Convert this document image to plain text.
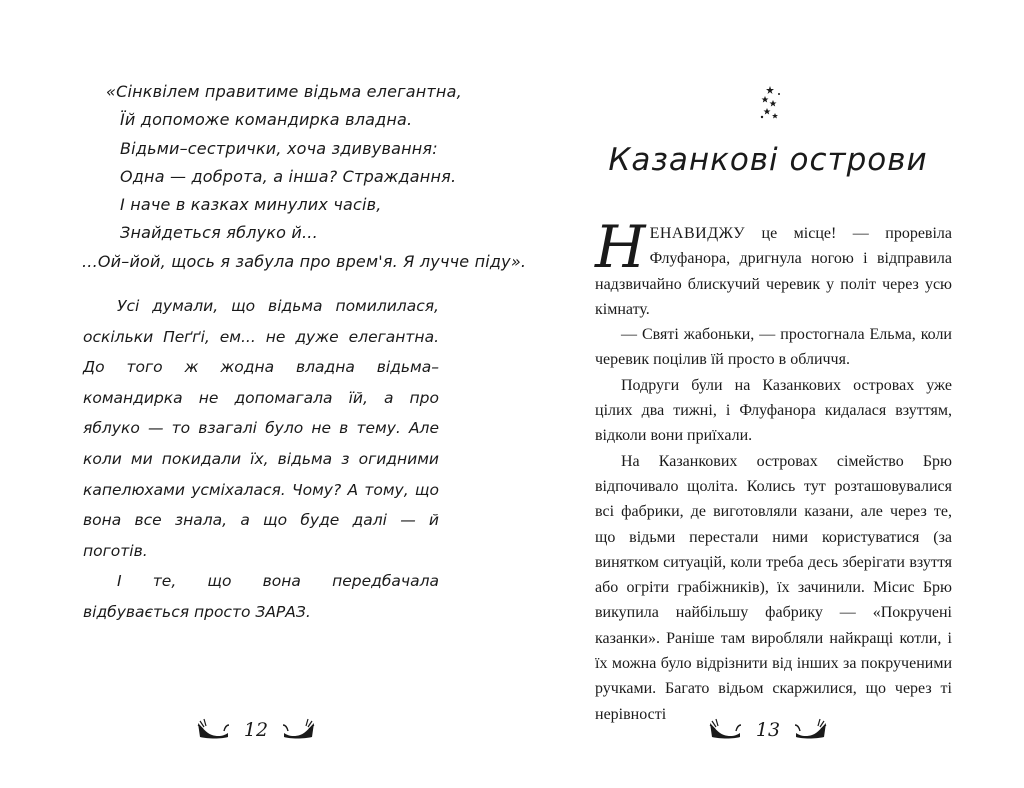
«Сінквілем правитиме відьма елегантна,
Їй допоможе командирка владна.
Відьми–сестрички, хоча здивування:
Одна — доброта, а інша? Страждання.
І наче в казках минулих часів,
Знайдеться яблуко й...
...Ой–йой, щось я забула про врем'я. Я лучче піду».

Усі думали, що відьма помилилася, оскільки Пеґґі, ем... не дуже елегантна. До того ж жодна владна відьма–командирка не допомагала їй, а про яблуко — то взагалі було не в тему. Але коли ми покидали їх, відьма з огидними капелюхами усміхалася. Чому? А тому, що вона все знала, а що буде далі — й поготів.

І те, що вона передбачала відбувається просто ЗАРАЗ.

12
Казанкові острови

НЕНАВИДЖУ це місце! — проревіла Флуфанора, дригнула ногою і відправила надзвичайно блискучий черевик у політ через усю кімнату.

— Святі жабоньки, — простогнала Ельма, коли черевик поцілив їй просто в обличчя.

Подруги були на Казанкових островах уже цілих два тижні, і Флуфанора кидалася взуттям, відколи вони приїхали.

На Казанкових островах сімейство Брю відпочивало щоліта. Колись тут розташовувалися всі фабрики, де виготовляли казани, але через те, що відьми перестали ними користуватися (за винятком ситуацій, коли треба десь зберігати взуття або огріти грабіжників), їх зачинили. Місис Брю викупила найбільшу фабрику — «Покручені казанки». Раніше там виробляли найкращі котли, і їх можна було відрізнити від інших за покрученими ручками. Багато відьом скаржилися, що через ті нерівності

13
